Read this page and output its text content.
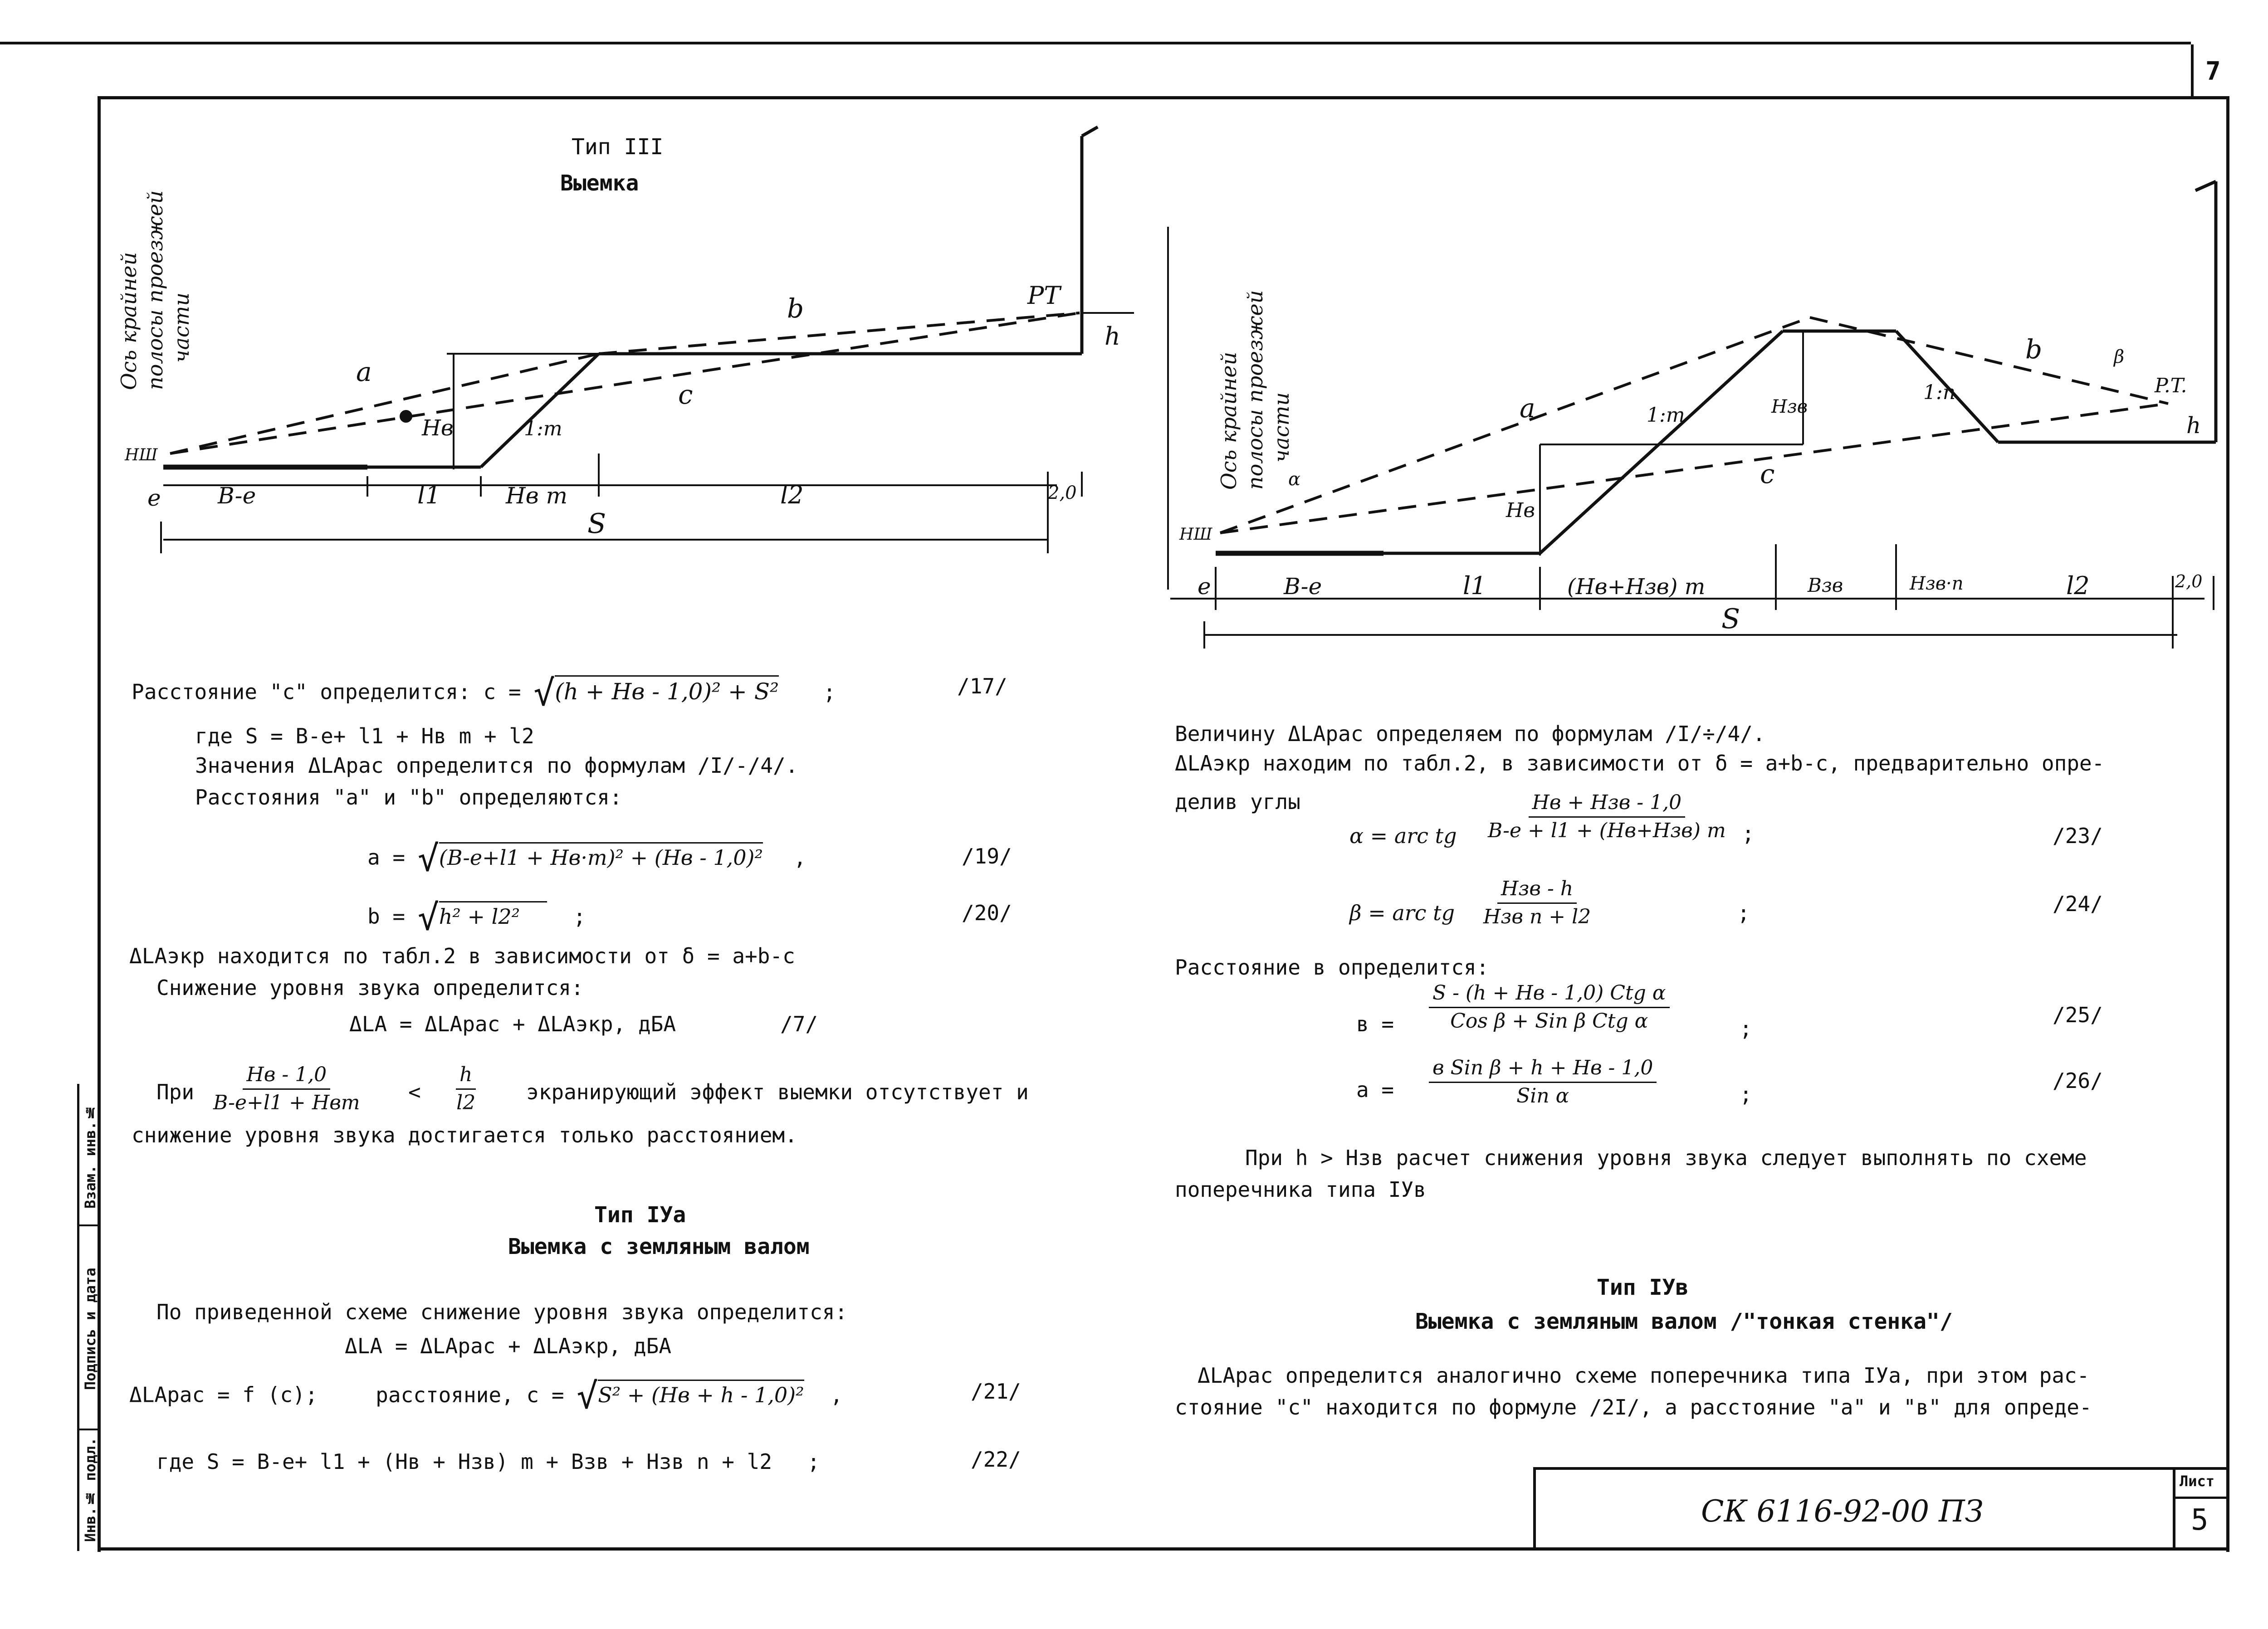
7
Взам. инв.№
Подпись и дата
Инв.№ подл.	СК 6116-92-00 ПЗ
Лист
5
Тип III
Выемка
a
b
c
PT
h
Hв	1:m
НШ
e	B-e	l1	Hв m	l2	2,0
S
Ось крайней полосы проезжей части
a
b
c
P.T.
h
Hв
Hзв
1:m
1:n
α
β
НШ
e	B-e	l1	(Hв+Hзв) m	Bзв	Hзв·n	l2	2,0
S
Ось крайней полосы проезжей части
Расстояние "с" определится: с = √(h + Hв - 1,0)² + S² ;	/17/
где S = B-e+ l1 + Hв m + l2
Значения ΔLApac определится по формулам /I/-/4/.
Расстояния "a" и "b" определяются:
a = √(B-e+l1 + Hв·m)² + (Hв - 1,0)² ,	/19/
b = √h² + l2²	;	/20/
ΔLAэкр находится по табл.2 в зависимости от δ = a+b-c
Снижение уровня звука определится:
ΔLA = ΔLApac + ΔLAэкр, дБА	/7/
При
Hв - 1,0
B-e+l1 + Hвm < $\frac{h}{l2}$ экранирующий эффект выемки отсутствует и
снижение уровня звука достигается только расстоянием.
Тип IУа
Выемка с земляным валом
По приведенной схеме снижение уровня звука определится:
ΔLA = ΔLApac + ΔLAэкр, дБА
ΔLApac = f (c);	расстояние, c = √S² + (Hв + h - 1,0)² ,	/21/
где S = B-e+ l1 + (Hв + Hзв) m + Bзв + Hзв n + l2 ;	/22/
Величину ΔLApac определяем по формулам /I/÷/4/.
ΔLAэкр находим по табл.2, в зависимости от δ = a+b-c, предварительно опре-
делив углы
α = arc tg
Hв + Hзв - 1,0
B-e + l1 + (Hв+Hзв) m ;	/23/
β = arc tg
Hзв - h
Hзв n + l2	;	/24/
Расстояние в определится:
в =
S - (h + Hв - 1,0) Ctg α
Cos β + Sin β Ctg α	;
/25/
a =
в Sin β + h + Hв - 1,0
Sin α	;
/26/
При h > Hзв расчет снижения уровня звука следует выполнять по схеме
поперечника типа IУв
Тип IУв
Выемка с земляным валом /"тонкая стенка"/
ΔLApac определится аналогично схеме поперечника типа IУа, при этом рас-
стояние "с" находится по формуле /2I/, а расстояние "а" и "в" для опреде-
